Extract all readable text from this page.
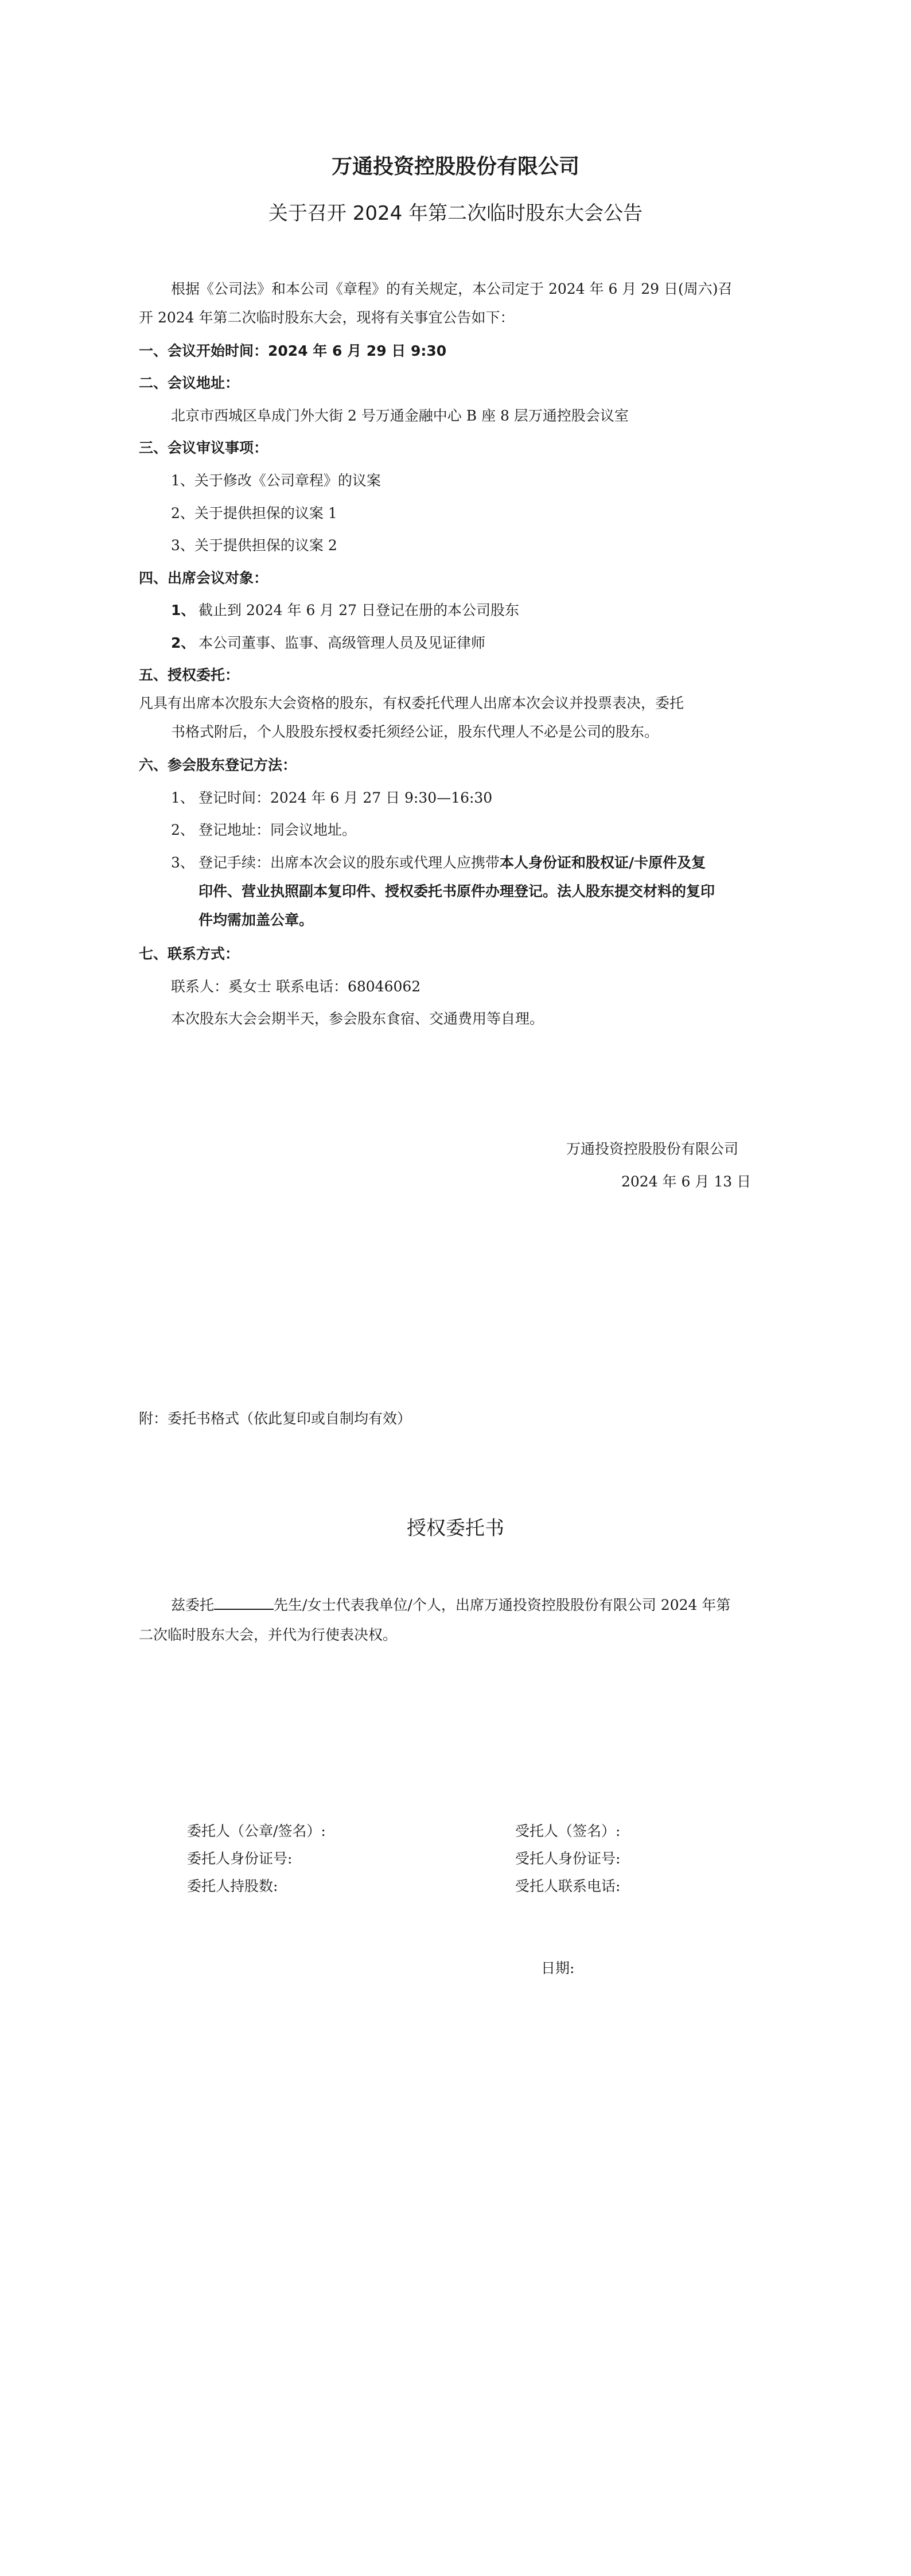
万通投资控股股份有限公司
关于召开 2024 年第二次临时股东大会公告
根据《公司法》和本公司《章程》的有关规定，本公司定于 2024 年 6 月 29 日(周六)召
开 2024 年第二次临时股东大会，现将有关事宜公告如下：
一、会议开始时间：2024 年 6 月 29 日 9:30
二、会议地址：
北京市西城区阜成门外大街 2 号万通金融中心 B 座 8 层万通控股会议室
三、会议审议事项：
1、关于修改《公司章程》的议案
2、关于提供担保的议案 1
3、关于提供担保的议案 2
四、出席会议对象：
1、 截止到 2024 年 6 月 27 日登记在册的本公司股东
2、 本公司董事、监事、高级管理人员及见证律师
五、授权委托：
凡具有出席本次股东大会资格的股东，有权委托代理人出席本次会议并投票表决，委托
书格式附后，个人股股东授权委托须经公证，股东代理人不必是公司的股东。
六、参会股东登记方法：
1、 登记时间：2024 年 6 月 27 日 9:30—16:30
2、 登记地址：同会议地址。
3、 登记手续：出席本次会议的股东或代理人应携带本人身份证和股权证/卡原件及复
印件、营业执照副本复印件、授权委托书原件办理登记。法人股东提交材料的复印
件均需加盖公章。
七、联系方式：
联系人：奚女士 联系电话：68046062
本次股东大会会期半天，参会股东食宿、交通费用等自理。
万通投资控股股份有限公司
2024 年 6 月 13 日
附：委托书格式（依此复印或自制均有效）
授权委托书
兹委托	先生/女士代表我单位/个人，出席万通投资控股股份有限公司 2024 年第
二次临时股东大会，并代为行使表决权。
委托人（公章/签名）:
委托人身份证号:
委托人持股数:
受托人（签名）:
受托人身份证号:
受托人联系电话:
日期:
